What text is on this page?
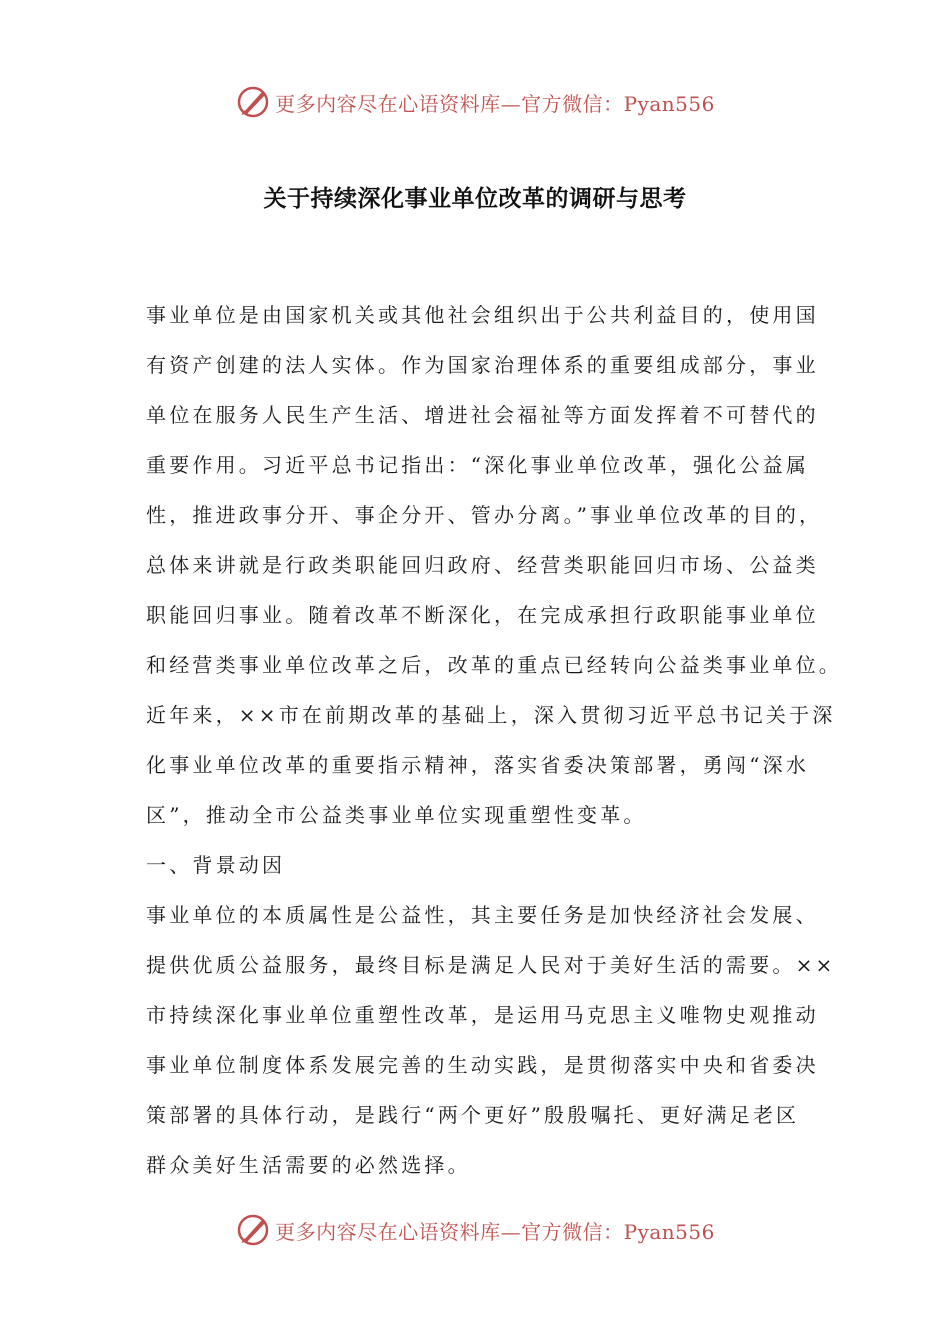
更多内容尽在心语资料库—官方微信：Pyan556
关于持续深化事业单位改革的调研与思考
事业单位是由国家机关或其他社会组织出于公共利益目的，使用国
有资产创建的法人实体。作为国家治理体系的重要组成部分，事业
单位在服务人民生产生活、增进社会福祉等方面发挥着不可替代的
重要作用。习近平总书记指出：“深化事业单位改革，强化公益属
性，推进政事分开、事企分开、管办分离。”事业单位改革的目的，
总体来讲就是行政类职能回归政府、经营类职能回归市场、公益类
职能回归事业。随着改革不断深化，在完成承担行政职能事业单位
和经营类事业单位改革之后，改革的重点已经转向公益类事业单位。
近年来，××市在前期改革的基础上，深入贯彻习近平总书记关于深
化事业单位改革的重要指示精神，落实省委决策部署，勇闯“深水
区”，推动全市公益类事业单位实现重塑性变革。
一、背景动因
事业单位的本质属性是公益性，其主要任务是加快经济社会发展、
提供优质公益服务，最终目标是满足人民对于美好生活的需要。××
市持续深化事业单位重塑性改革，是运用马克思主义唯物史观推动
事业单位制度体系发展完善的生动实践，是贯彻落实中央和省委决
策部署的具体行动，是践行“两个更好”殷殷嘱托、更好满足老区
群众美好生活需要的必然选择。
更多内容尽在心语资料库—官方微信：Pyan556
